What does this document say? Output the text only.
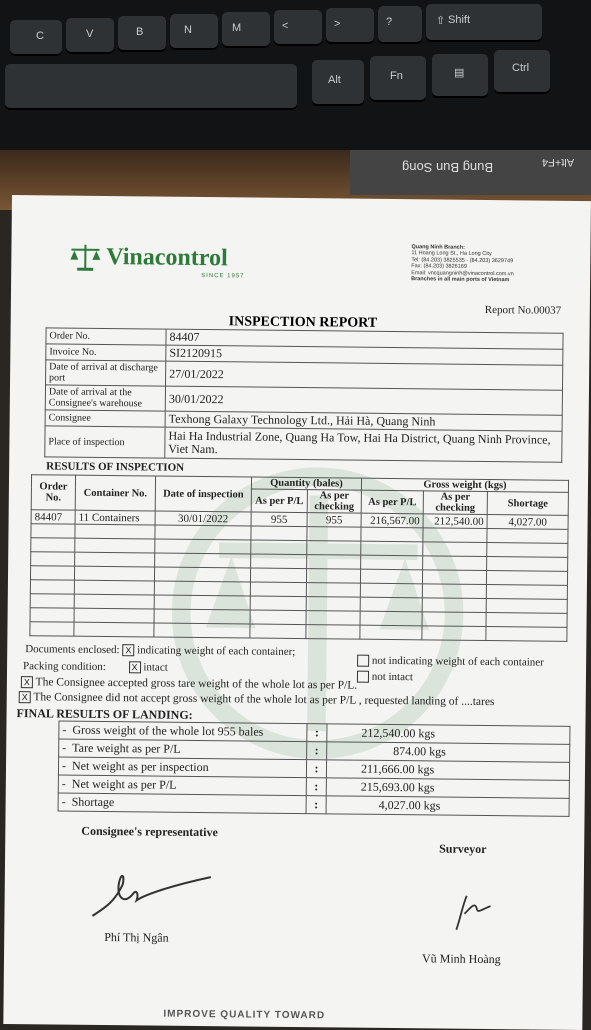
C	V	B	N	M	<	>	?	⇧ Shift
Alt	Fn	▤	Ctrl
Bung Bun Song	Alt+F4
Vinacontrol
SINCE 1957
Quang Ninh Branch:
11 Hoang Long St., Ha Long City
Tel: (84.203) 3825535 - (84.203) 3629749
Fax: (84.203) 3826169
Email: vncquangninh@vinacontrol.com.vn
Branches in all main ports of Vietnam
Report No.00037
INSPECTION REPORT
Order No.	84407
Invoice No.	SI2120915
Date of arrival at discharge port	27/01/2022
Date of arrival at the Consignee's warehouse	30/01/2022
Consignee	Texhong Galaxy Technology Ltd., Hải Hà, Quang Ninh
Place of inspection	Hai Ha Industrial Zone, Quang Ha Tow, Hai Ha District, Quang Ninh Province, Viet Nam.
RESULTS OF INSPECTION
Order No.	Container No.	Date of inspection	Quantity (bales)		Gross weight (kgs)		
			As per P/L	As per checking	As per P/L	As per checking	Shortage
84407	11 Containers	30/01/2022	955	955	216,567.00	212,540.00	4,027.00

Documents enclosed: X indicating weight of each container;
not indicating weight of each container
Packing condition:	X intact
not intact
X The Consignee accepted gross tare weight of the whole lot as per P/L.
X The Consignee did not accept gross weight of the whole lot as per P/L , requested landing of ....tares
FINAL RESULTS OF LANDING:
- Gross weight of the whole lot 955 bales	:	212,540.00 kgs
- Tare weight as per P/L	:	874.00 kgs
- Net weight as per inspection	:	211,666.00 kgs
- Net weight as per P/L	:	215,693.00 kgs
- Shortage	:	4,027.00 kgs
Consignee's representative
Surveyor
Phí Thị Ngân
Vũ Minh Hoàng
IMPROVE QUALITY TOWARD
